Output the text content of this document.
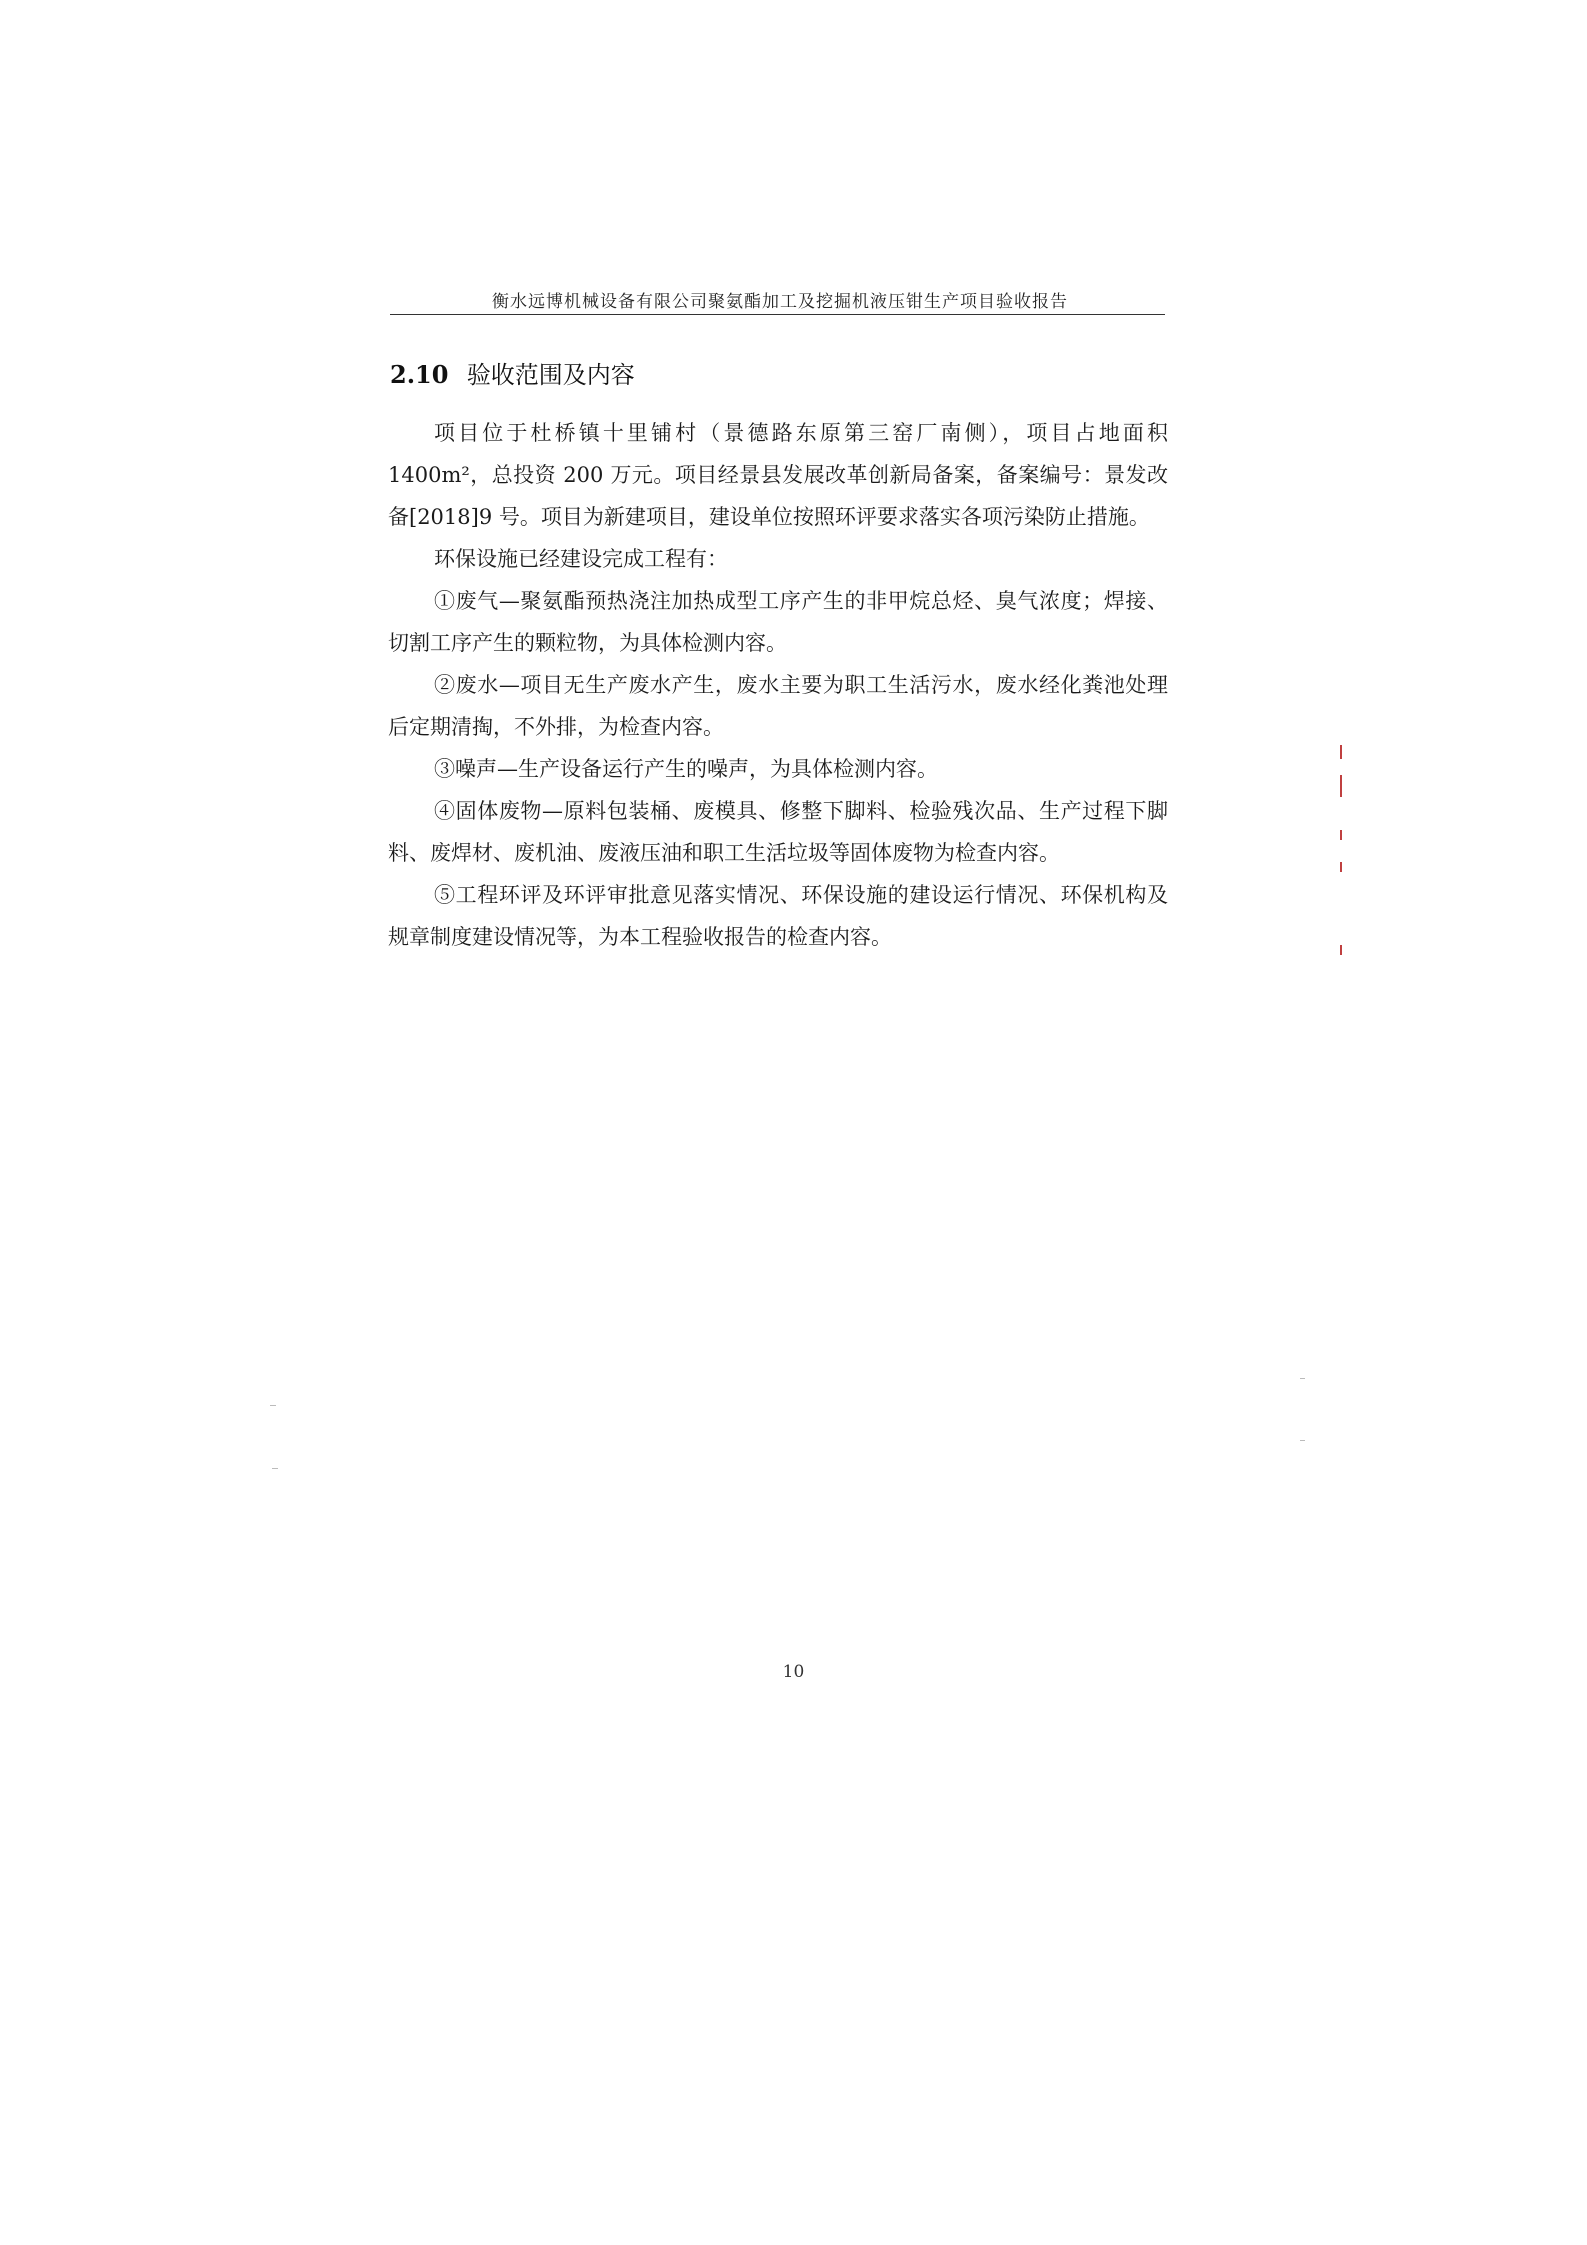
衡水远博机械设备有限公司聚氨酯加工及挖掘机液压钳生产项目验收报告
2.10 验收范围及内容

项目位于杜桥镇十里铺村（景德路东原第三窑厂南侧），项目占地面积 1400m²，总投资 200 万元。项目经景县发展改革创新局备案，备案编号：景发改备[2018]9 号。项目为新建项目，建设单位按照环评要求落实各项污染防止措施。

环保设施已经建设完成工程有：

①废气—聚氨酯预热浇注加热成型工序产生的非甲烷总烃、臭气浓度；焊接、切割工序产生的颗粒物，为具体检测内容。

②废水—项目无生产废水产生，废水主要为职工生活污水，废水经化粪池处理后定期清掏，不外排，为检查内容。

③噪声—生产设备运行产生的噪声，为具体检测内容。

④固体废物—原料包装桶、废模具、修整下脚料、检验残次品、生产过程下脚料、废焊材、废机油、废液压油和职工生活垃圾等固体废物为检查内容。

⑤工程环评及环评审批意见落实情况、环保设施的建设运行情况、环保机构及规章制度建设情况等，为本工程验收报告的检查内容。

10
